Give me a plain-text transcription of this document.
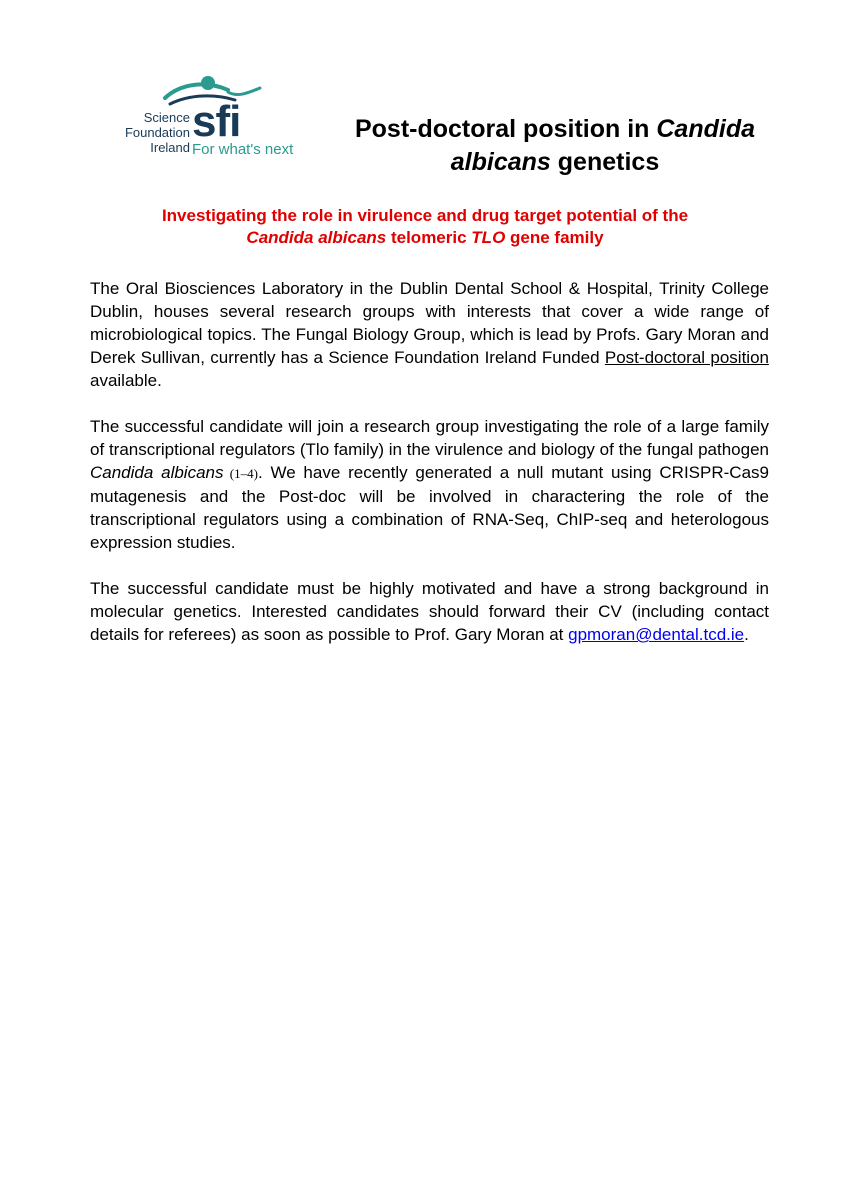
Science
Foundation
Ireland
sfi
For what's next
Post-doctoral position in Candida
albicans genetics
Investigating the role in virulence and drug target potential of the
Candida albicans telomeric TLO gene family

The Oral Biosciences Laboratory in the Dublin Dental School & Hospital, Trinity College Dublin, houses several research groups with interests that cover a wide range of microbiological topics. The Fungal Biology Group, which is lead by Profs. Gary Moran and Derek Sullivan, currently has a Science Foundation Ireland Funded Post-doctoral position available.

The successful candidate will join a research group investigating the role of a large family of transcriptional regulators (Tlo family) in the virulence and biology of the fungal pathogen Candida albicans (1–4). We have recently generated a null mutant using CRISPR-Cas9 mutagenesis and the Post-doc will be involved in charactering the role of the transcriptional regulators using a combination of RNA-Seq, ChIP-seq and heterologous expression studies.

The successful candidate must be highly motivated and have a strong background in molecular genetics. Interested candidates should forward their CV (including contact details for referees) as soon as possible to Prof. Gary Moran at gpmoran@dental.tcd.ie.
